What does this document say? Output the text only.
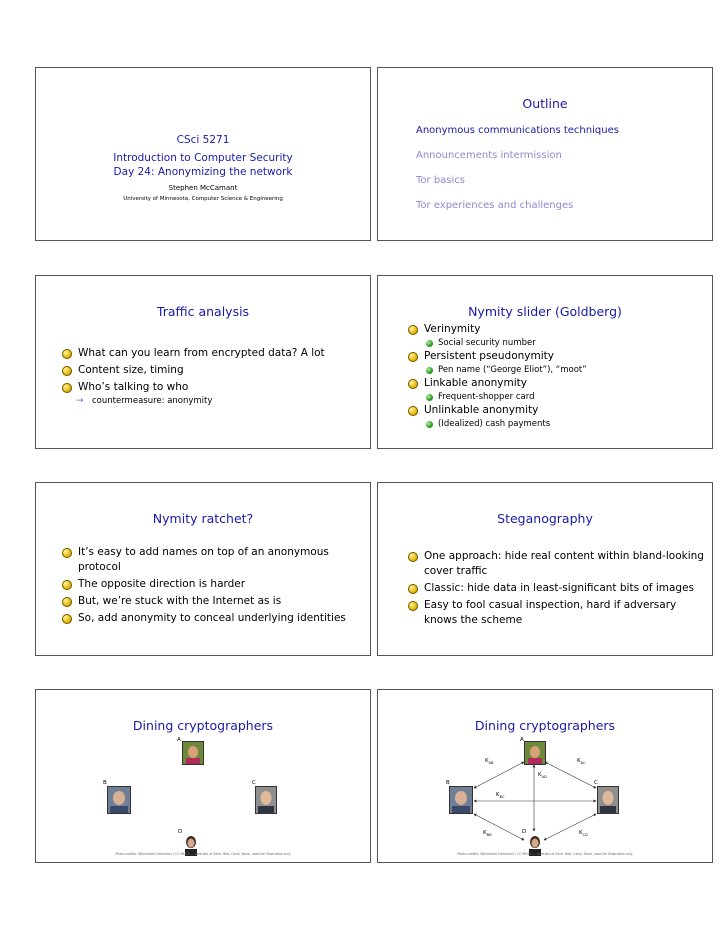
CSci 5271
Introduction to Computer Security
Day 24: Anonymizing the network
Stephen McCamant
University of Minnesota, Computer Science & Engineering
Outline
Anonymous communications techniques
Announcements intermission
Tor basics
Tor experiences and challenges
Traffic analysis
What can you learn from encrypted data? A lot
Content size, timing
Who’s talking to who
→ countermeasure: anonymity
Nymity slider (Goldberg)
Verinymity
Social security number
Persistent pseudonymity
Pen name (“George Eliot”), “moot”
Linkable anonymity
Frequent-shopper card
Unlinkable anonymity
(Idealized) cash payments
Nymity ratchet?
It’s easy to add names on top of an anonymous
protocol
The opposite direction is harder
But, we’re stuck with the Internet as is
So, add anonymity to conceal underlying identities
Steganography
One approach: hide real content within bland-looking
cover traffic
Classic: hide data in least-significant bits of images
Easy to fool casual inspection, hard if adversary
knows the scheme
Dining cryptographers
A
B	C
D
Photo credits: Wikimedia Commons / CC BY-SA — portraits of Alice, Bob, Carol, Dave, used for illustration only
Dining cryptographers
A
B	C
D
$K_{AB}$	$K_{AC}$
$K_{AD}$
$K_{BC}$
$K_{BD}$	$K_{CD}$
Photo credits: Wikimedia Commons / CC BY-SA — portraits of Alice, Bob, Carol, Dave, used for illustration only
